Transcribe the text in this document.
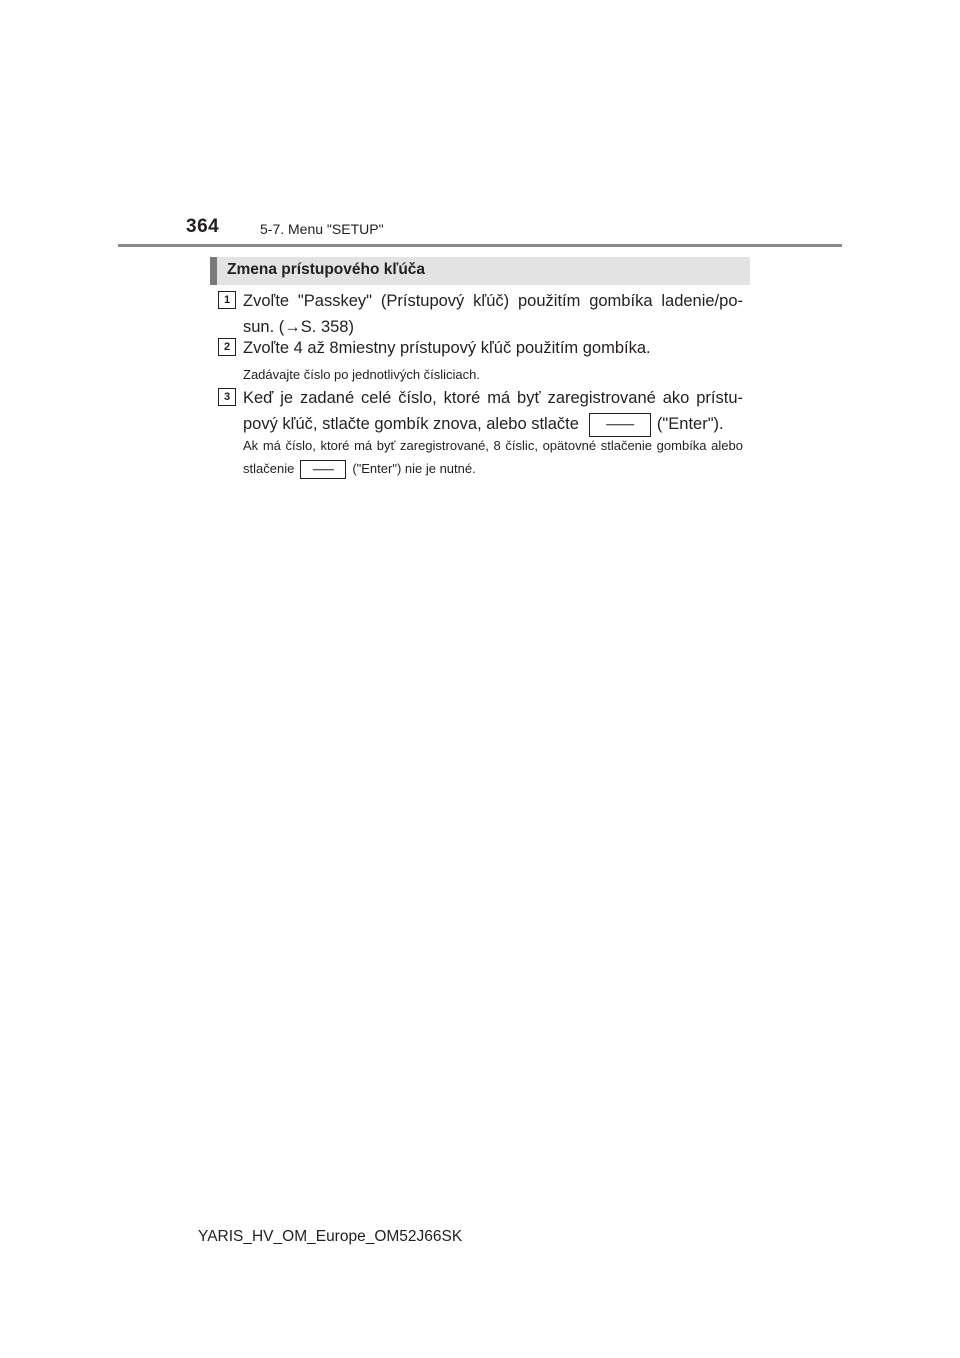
364	5-7. Menu "SETUP"
Zmena prístupového kľúča
1 Zvoľte "Passkey" (Prístupový kľúč) použitím gombíka ladenie/po-sun. (→S. 358)
2 Zvoľte 4 až 8miestny prístupový kľúč použitím gombíka.
Zadávajte číslo po jednotlivých čísliciach.
3 Keď je zadané celé číslo, ktoré má byť zaregistrované ako prístu-pový kľúč, stlačte gombík znova, alebo stlačte	("Enter").
Ak má číslo, ktoré má byť zaregistrované, 8 číslic, opätovné stlačenie gombíka alebo stlačenie	("Enter") nie je nutné.
YARIS_HV_OM_Europe_OM52J66SK
